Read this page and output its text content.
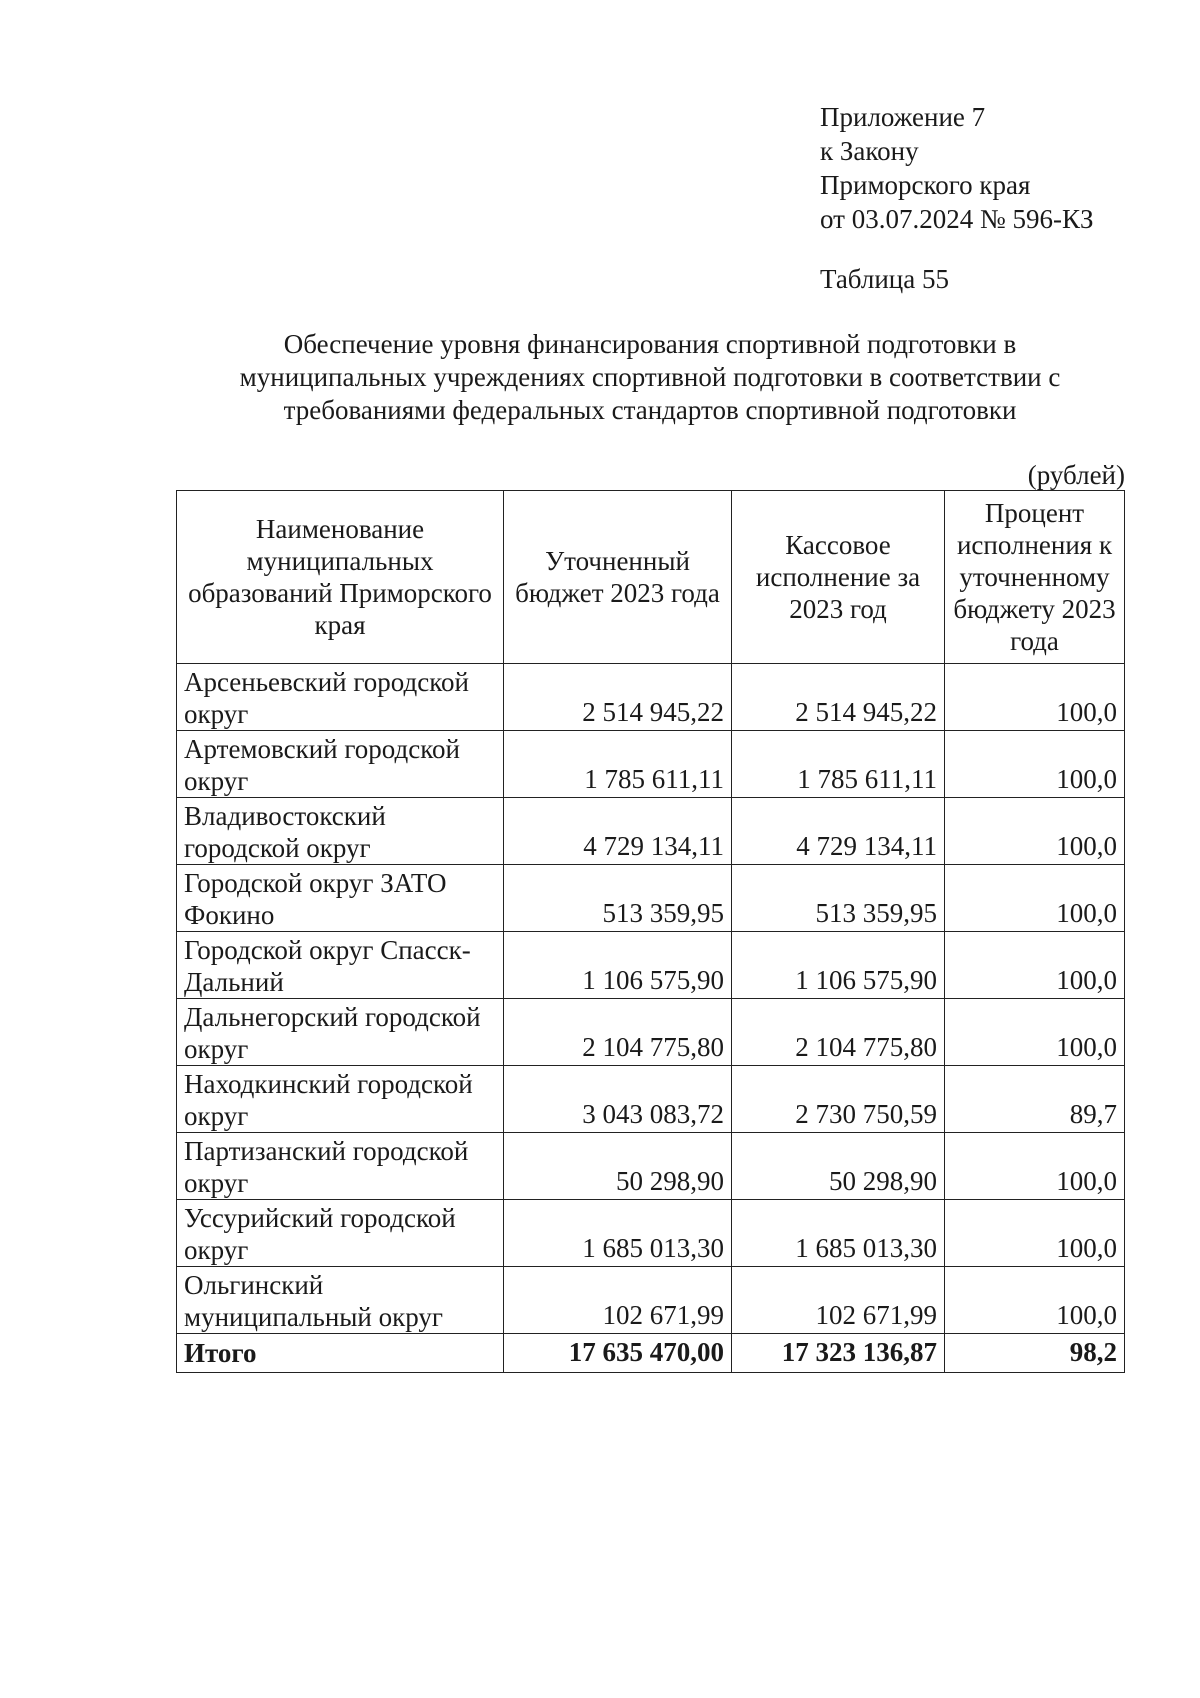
Приложение 7
к Закону
Приморского края
от 03.07.2024 № 596-КЗ
Таблица 55
Обеспечение уровня финансирования спортивной подготовки в
муниципальных учреждениях спортивной подготовки в соответствии с
требованиями федеральных стандартов спортивной подготовки
(рублей)
Наименование муниципальных образований Приморского края	Уточненный бюджет 2023 года	Кассовое исполнение за 2023 год	Процент исполнения к уточненному бюджету 2023 года
Арсеньевский городской округ	2 514 945,22	2 514 945,22	100,0
Артемовский городской округ	1 785 611,11	1 785 611,11	100,0
Владивостокский городской округ	4 729 134,11	4 729 134,11	100,0
Городской округ ЗАТО Фокино	513 359,95	513 359,95	100,0
Городской округ Спасск-Дальний	1 106 575,90	1 106 575,90	100,0
Дальнегорский городской округ	2 104 775,80	2 104 775,80	100,0
Находкинский городской округ	3 043 083,72	2 730 750,59	89,7
Партизанский городской округ	50 298,90	50 298,90	100,0
Уссурийский городской округ	1 685 013,30	1 685 013,30	100,0
Ольгинский муниципальный округ	102 671,99	102 671,99	100,0
Итого	17 635 470,00	17 323 136,87	98,2
